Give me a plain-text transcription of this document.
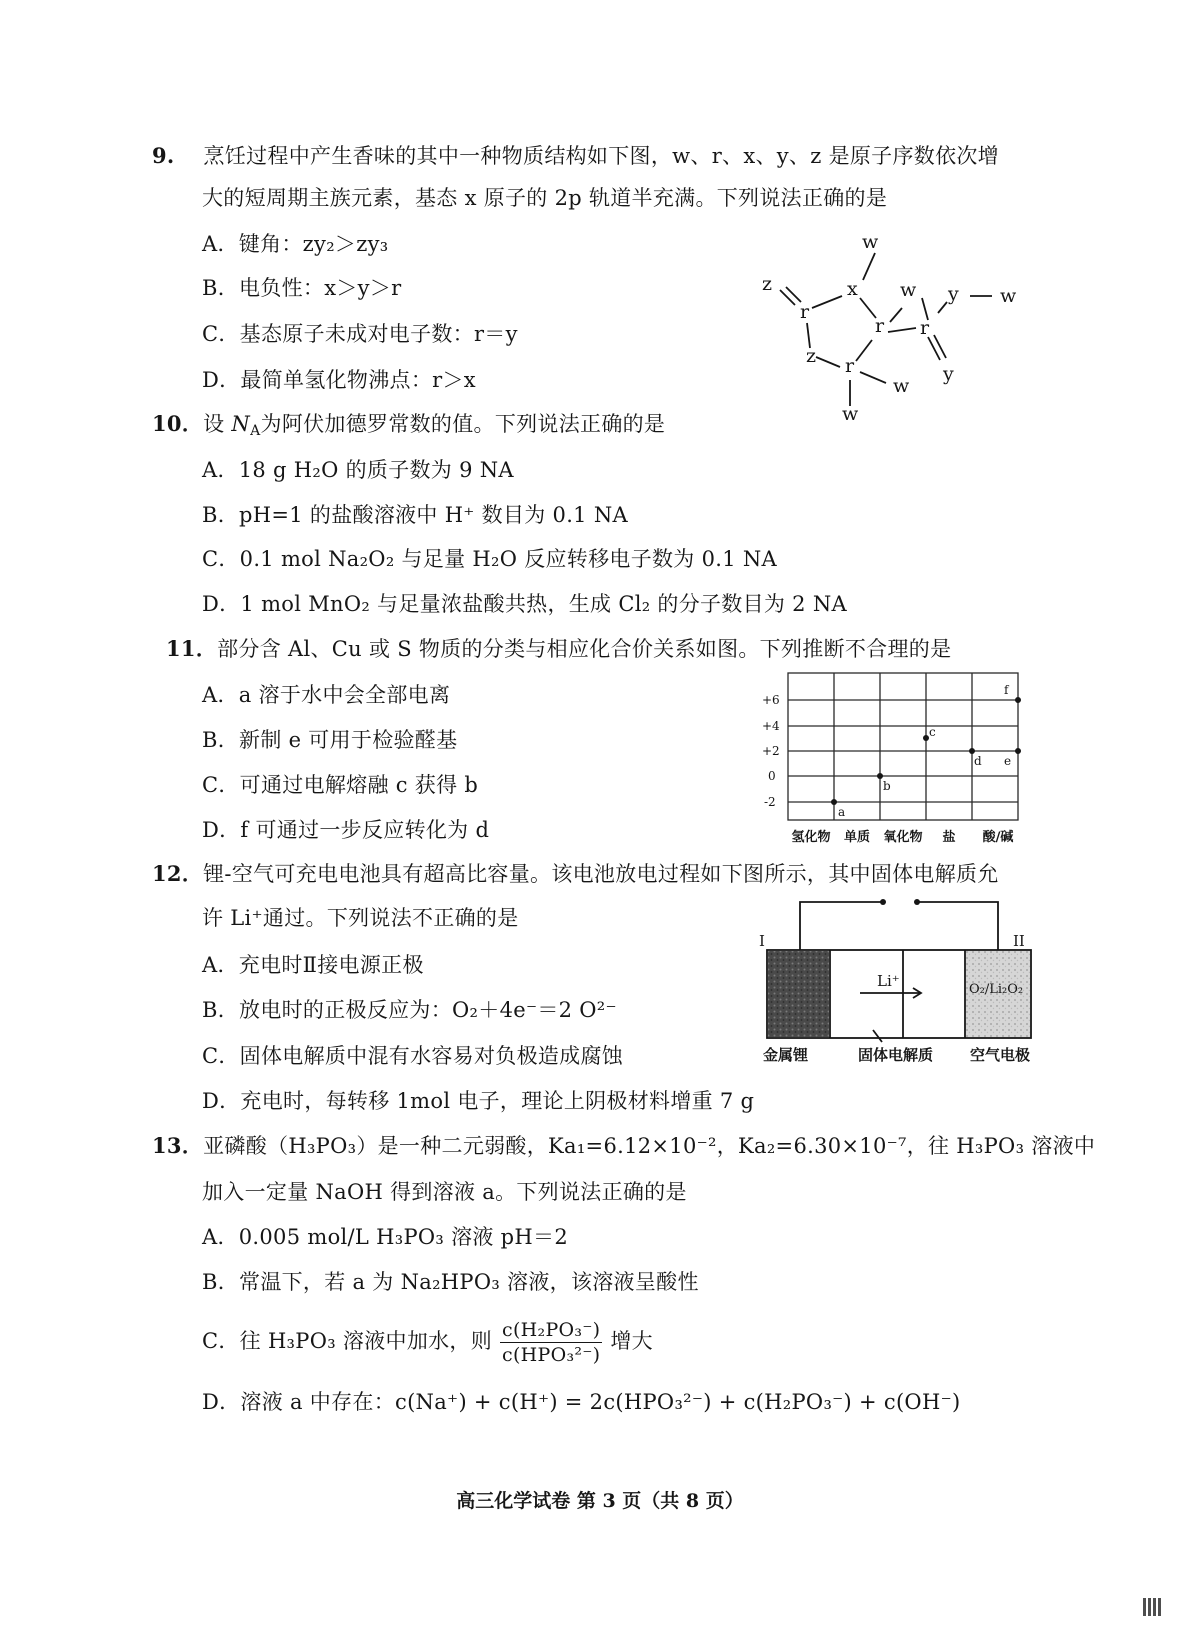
9. 烹饪过程中产生香味的其中一种物质结构如下图，w、r、x、y、z 是原子序数依次增
大的短周期主族元素，基态 x 原子的 2p 轨道半充满。下列说法正确的是
A．键角：zy₂＞zy₃
B．电负性：x＞y＞r
C．基态原子未成对电子数：r＝y
D．最简单氢化物沸点：r＞x
w
z	x w y w
r
r r
z r
w
y
w
10．设 $N_A$为阿伏加德罗常数的值。下列说法正确的是
A．18 g H₂O 的质子数为 9 NA
B．pH=1 的盐酸溶液中 H⁺ 数目为 0.1 NA
C．0.1 mol Na₂O₂ 与足量 H₂O 反应转移电子数为 0.1 NA
D．1 mol MnO₂ 与足量浓盐酸共热，生成 Cl₂ 的分子数目为 2 NA
11．部分含 Al、Cu 或 S 物质的分类与相应化合价关系如图。下列推断不合理的是
A．a 溶于水中会全部电离
B．新制 e 可用于检验醛基
C．可通过电解熔融 c 获得 b
D．f 可通过一步反应转化为 d
+6
+4
+2
0
-2
氢化物 单质 氧化物 盐 酸/碱
a
b
c
d e
f
12．锂-空气可充电电池具有超高比容量。该电池放电过程如下图所示，其中固体电解质允
许 Li⁺通过。下列说法不正确的是
A．充电时Ⅱ接电源正极
B．放电时的正极反应为：O₂＋4e⁻＝2 O²⁻
C．固体电解质中混有水容易对负极造成腐蚀
D．充电时，每转移 1mol 电子，理论上阴极材料增重 7 g
I	II
Li⁺	O₂/Li₂O₂
金属锂	固体电解质 空气电极
13．亚磷酸（H₃PO₃）是一种二元弱酸，Ka₁=6.12×10⁻²，Ka₂=6.30×10⁻⁷，往 H₃PO₃ 溶液中
加入一定量 NaOH 得到溶液 a。下列说法正确的是
A．0.005 mol/L H₃PO₃ 溶液 pH＝2
B．常温下，若 a 为 Na₂HPO₃ 溶液，该溶液呈酸性
C．往 H₃PO₃ 溶液中加水，则 $\frac{\text{c(H₂PO₃⁻)}}{\text{c(HPO₃²⁻)}}$ 增大
D．溶液 a 中存在：c(Na⁺) + c(H⁺) = 2c(HPO₃²⁻) + c(H₂PO₃⁻) + c(OH⁻)
高三化学试卷 第 3 页（共 8 页）
